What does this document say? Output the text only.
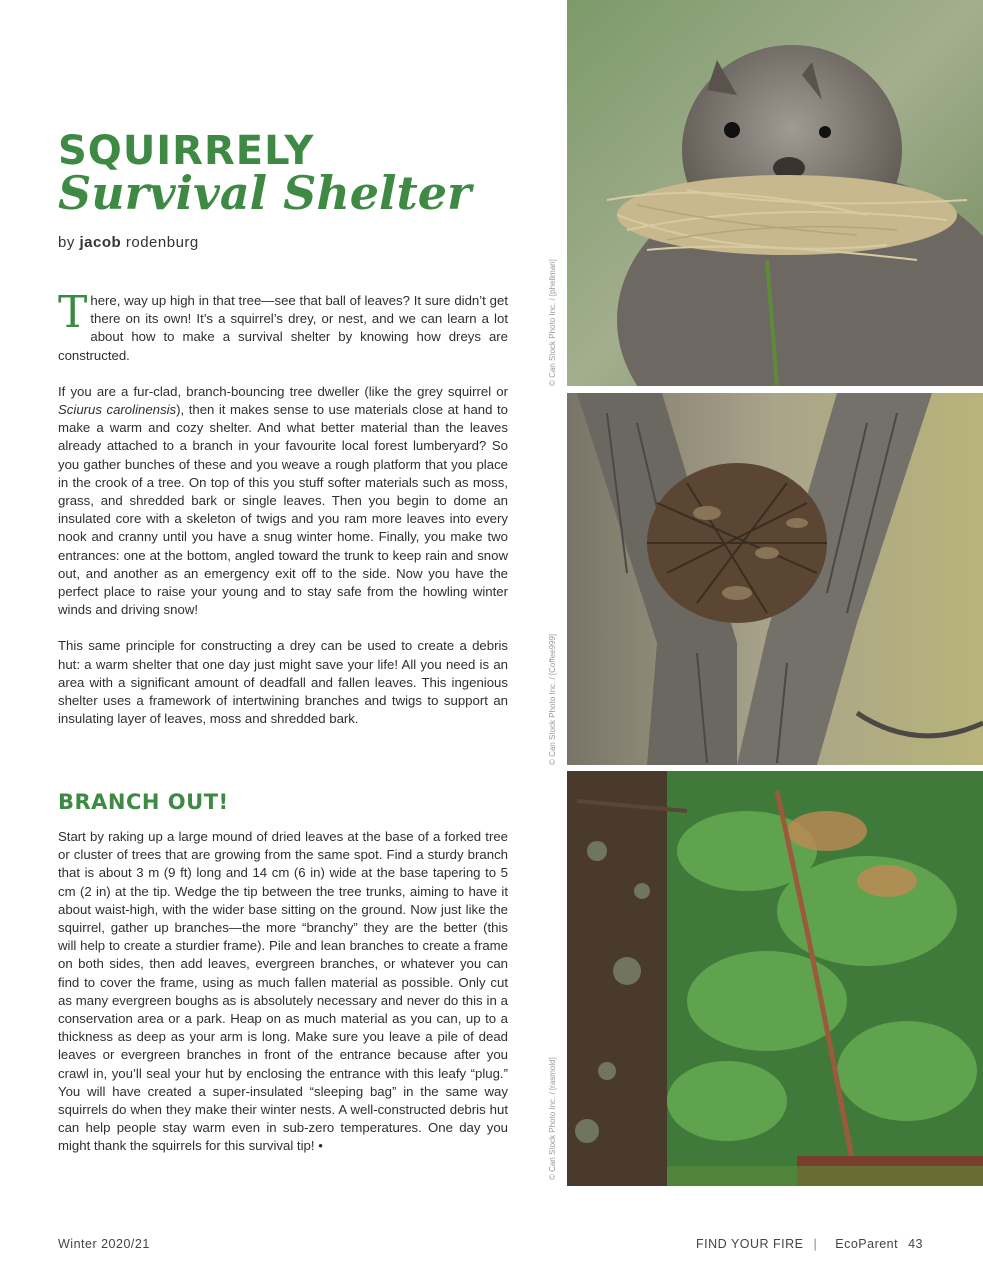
SQUIRRELY
Survival Shelter
by jacob rodenburg

There, way up high in that tree—see that ball of leaves? It sure didn’t get there on its own! It’s a squirrel’s drey, or nest, and we can learn a lot about how to make a survival shelter by knowing how dreys are constructed.

If you are a fur-clad, branch-bouncing tree dweller (like the grey squirrel or Sciurus carolinensis), then it makes sense to use materials close at hand to make a warm and cozy shelter. And what better material than the leaves already attached to a branch in your favourite local forest lumberyard? So you gather bunches of these and you weave a rough platform that you place in the crook of a tree. On top of this you stuff softer materials such as moss, grass, and shredded bark or single leaves. Then you begin to dome an insulated core with a skeleton of twigs and you ram more leaves into every nook and cranny until you have a snug winter home. Finally, you make two entrances: one at the bottom, angled toward the trunk to keep rain and snow out, and another as an emergency exit off to the side. Now you have the perfect place to raise your young and to stay safe from the howling winter winds and driving snow!

This same principle for constructing a drey can be used to create a debris hut: a warm shelter that one day just might save your life! All you need is an area with a significant amount of deadfall and fallen leaves. This ingenious shelter uses a framework of intertwining branches and twigs to support an insulating layer of leaves, moss and shredded bark.

BRANCH OUT!

Start by raking up a large mound of dried leaves at the base of a forked tree or cluster of trees that are growing from the same spot. Find a sturdy branch that is about 3 m (9 ft) long and 14 cm (6 in) wide at the base tapering to 5 cm (2 in) at the tip. Wedge the tip between the tree trunks, aiming to have it about waist-high, with the wider base sitting on the ground. Now just like the squirrel, gather up branches—the more “branchy” they are the better (this will help to create a sturdier frame). Pile and lean branches to create a frame on both sides, then add leaves, evergreen branches, or whatever you can find to cover the frame, using as much fallen material as possible. Only cut as many evergreen boughs as is absolutely necessary and never do this in a conservation area or a park. Heap on as much material as you can, up to a thickness as deep as your arm is long. Make sure you leave a pile of dead leaves or evergreen branches in front of the entrance because after you crawl in, you’ll seal your hut by enclosing the entrance with this leafy “plug.” You will have created a super-insulated “sleeping bag” in the same way squirrels do when they make their winter nests. A well-constructed debris hut can help people stay warm even in sub-zero temperatures. One day you might thank the squirrels for this survival tip! •

© Can Stock Photo Inc. / [phellman]
© Can Stock Photo Inc. / [Coffee999]
© Can Stock Photo Inc. / [rasmold]
Winter 2020/21	FIND YOUR FIRE | EcoParent 43
